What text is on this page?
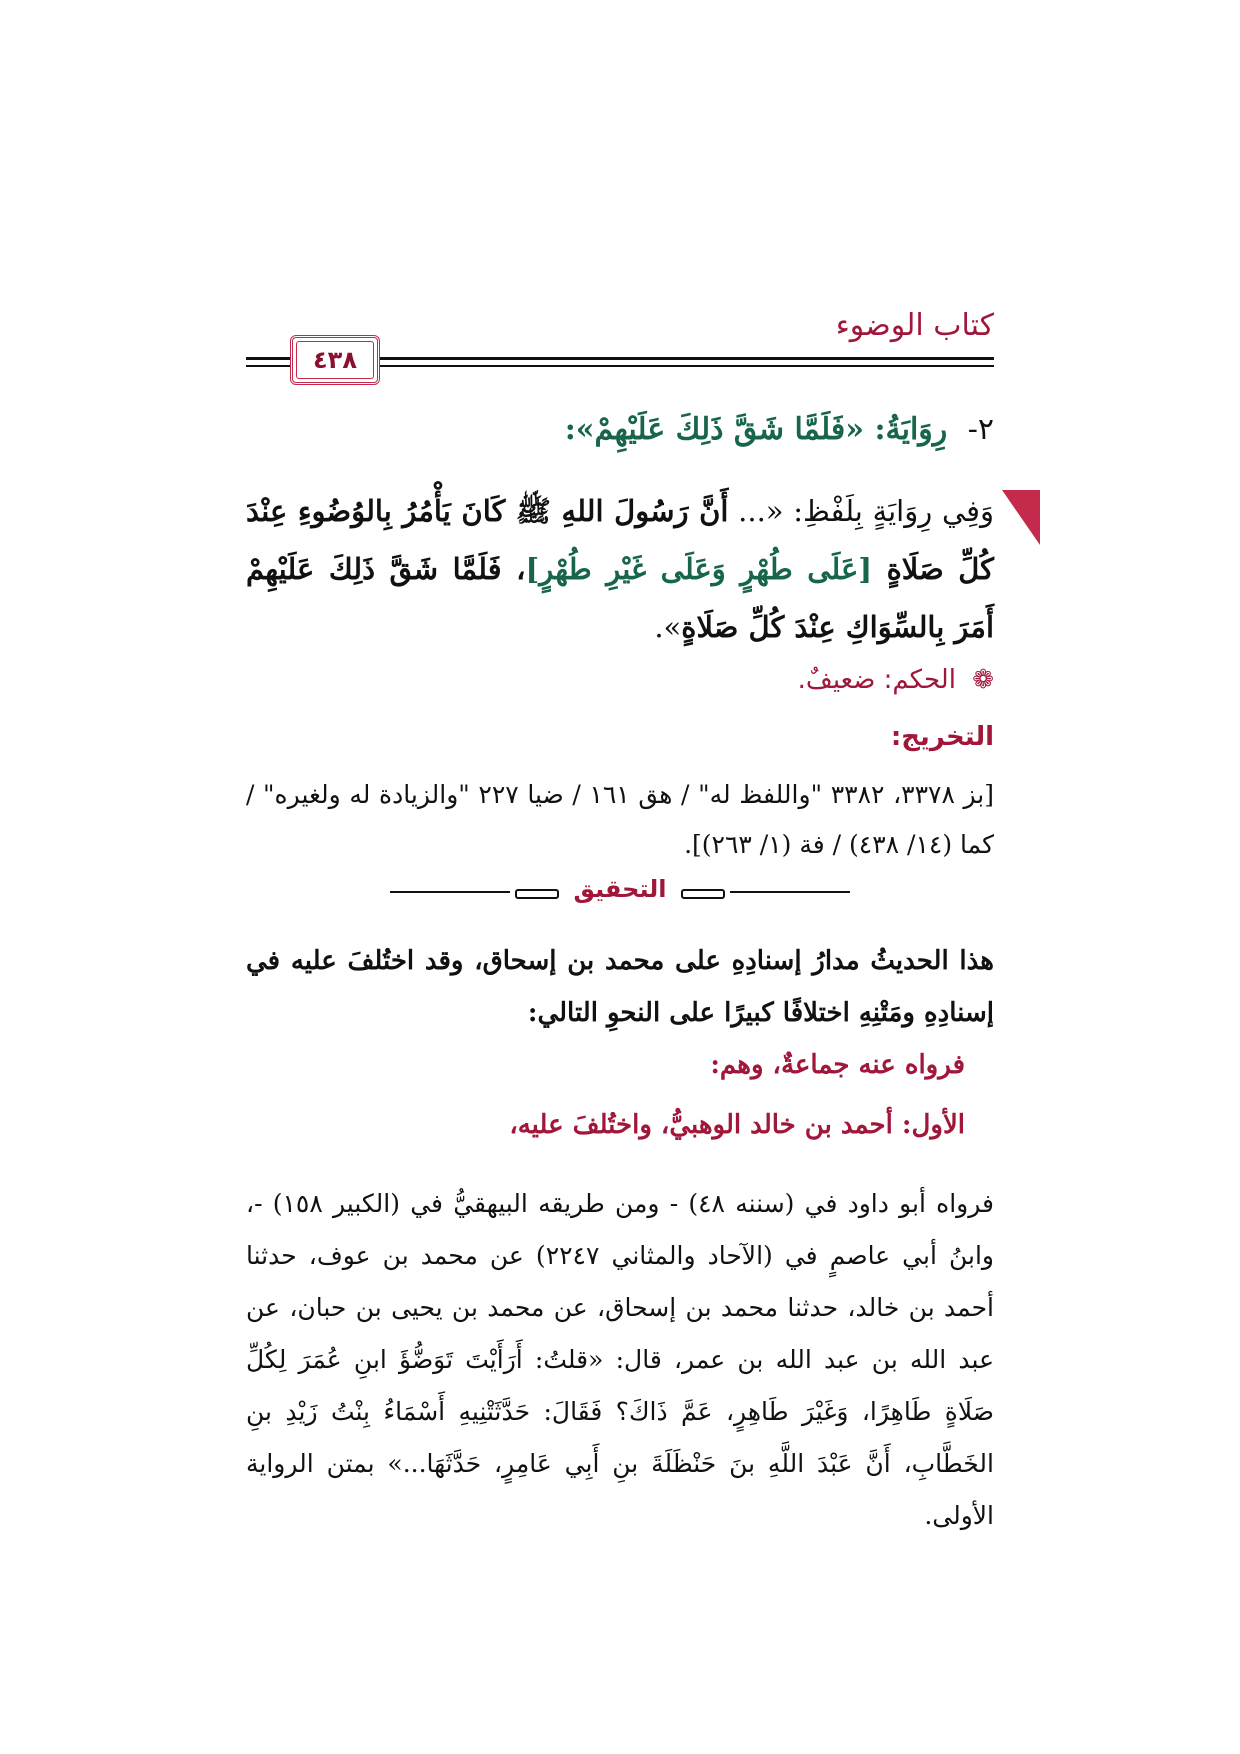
كتاب الوضوء
٤٣٨
٢- رِوَايَةُ: «فَلَمَّا شَقَّ ذَلِكَ عَلَيْهِمْ»:
وَفِي رِوَايَةٍ بِلَفْظِ: «... أَنَّ رَسُولَ اللهِ ﷺ كَانَ يَأْمُرُ بِالوُضُوءِ عِنْدَ كُلِّ صَلَاةٍ [عَلَى طُهْرٍ وَعَلَى غَيْرِ طُهْرٍ]، فَلَمَّا شَقَّ ذَلِكَ عَلَيْهِمْ أَمَرَ بِالسِّوَاكِ عِنْدَ كُلِّ صَلَاةٍ».
❁ الحكم: ضعيفٌ.
التخريج:
[بز ٣٣٧٨، ٣٣٨٢ "واللفظ له" / هق ١٦١ / ضيا ٢٢٧ "والزيادة له ولغيره" / كما (١٤/ ٤٣٨) / فة (١/ ٢٦٣)].
التحقيق
هذا الحديثُ مدارُ إسنادِهِ على محمد بن إسحاق، وقد اختُلفَ عليه في إسنادِهِ ومَتْنِهِ اختلافًا كبيرًا على النحوِ التالي:
فرواه عنه جماعةٌ، وهم:
الأول: أحمد بن خالد الوهبيُّ، واختُلفَ عليه،
فرواه أبو داود في (سننه ٤٨) - ومن طريقه البيهقيُّ في (الكبير ١٥٨) -، وابنُ أبي عاصمٍ في (الآحاد والمثاني ٢٢٤٧) عن محمد بن عوف، حدثنا أحمد بن خالد، حدثنا محمد بن إسحاق، عن محمد بن يحيى بن حبان، عن عبد الله بن عبد الله بن عمر، قال: «قلتُ: أَرَأَيْتَ تَوَضُّؤَ ابنِ عُمَرَ لِكُلِّ صَلَاةٍ طَاهِرًا، وَغَيْرَ طَاهِرٍ، عَمَّ ذَاكَ؟ فَقَالَ: حَدَّثَتْنِيهِ أَسْمَاءُ بِنْتُ زَيْدِ بنِ الخَطَّابِ، أَنَّ عَبْدَ اللَّهِ بنَ حَنْظَلَةَ بنِ أَبِي عَامِرٍ، حَدَّثَهَا...» بمتن الرواية الأولى.
